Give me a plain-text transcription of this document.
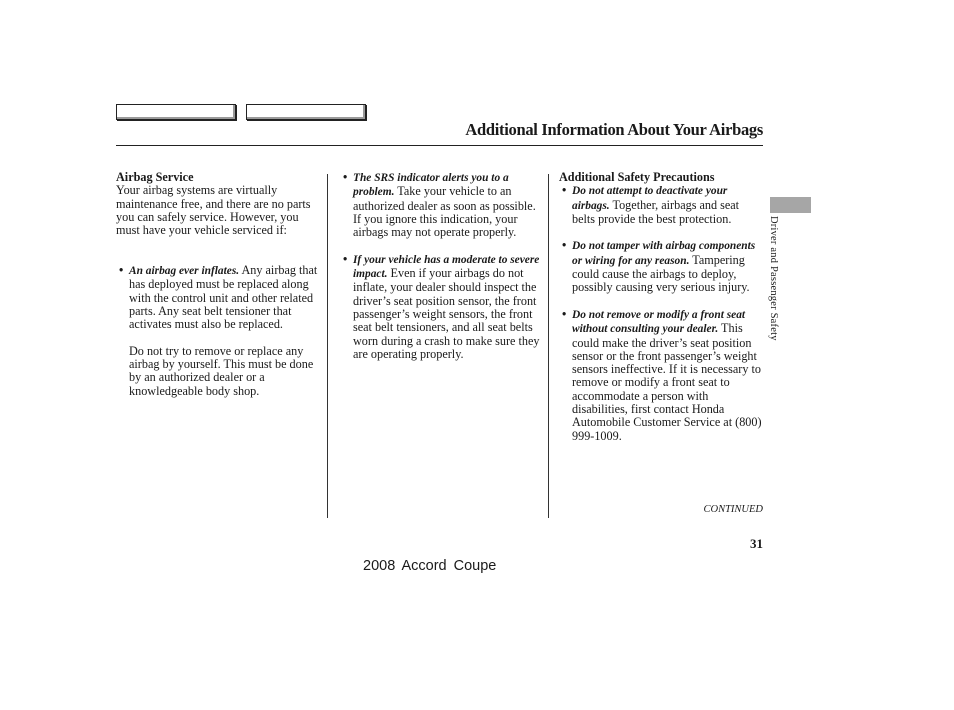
Additional Information About Your Airbags

Airbag Service

Your airbag systems are virtually maintenance free, and there are no parts you can safely service. However, you must have your vehicle serviced if:

• An airbag ever inflates. Any airbag that has deployed must be replaced along with the control unit and other related parts. Any seat belt tensioner that activates must also be replaced.

Do not try to remove or replace any airbag by yourself. This must be done by an authorized dealer or a knowledgeable body shop.

• The SRS indicator alerts you to a problem. Take your vehicle to an authorized dealer as soon as possible. If you ignore this indication, your airbags may not operate properly.

• If your vehicle has a moderate to severe impact. Even if your airbags do not inflate, your dealer should inspect the driver’s seat position sensor, the front passenger’s weight sensors, the front seat belt tensioners, and all seat belts worn during a crash to make sure they are operating properly.

Additional Safety Precautions

• Do not attempt to deactivate your airbags. Together, airbags and seat belts provide the best protection.

• Do not tamper with airbag components or wiring for any reason. Tampering could cause the airbags to deploy, possibly causing very serious injury.

• Do not remove or modify a front seat without consulting your dealer. This could make the driver’s seat position sensor or the front passenger’s weight sensors ineffective. If it is necessary to remove or modify a front seat to accommodate a person with disabilities, first contact Honda Automobile Customer Service at (800) 999-1009.

Driver and Passenger Safety
CONTINUED
31
2008 Accord Coupe
